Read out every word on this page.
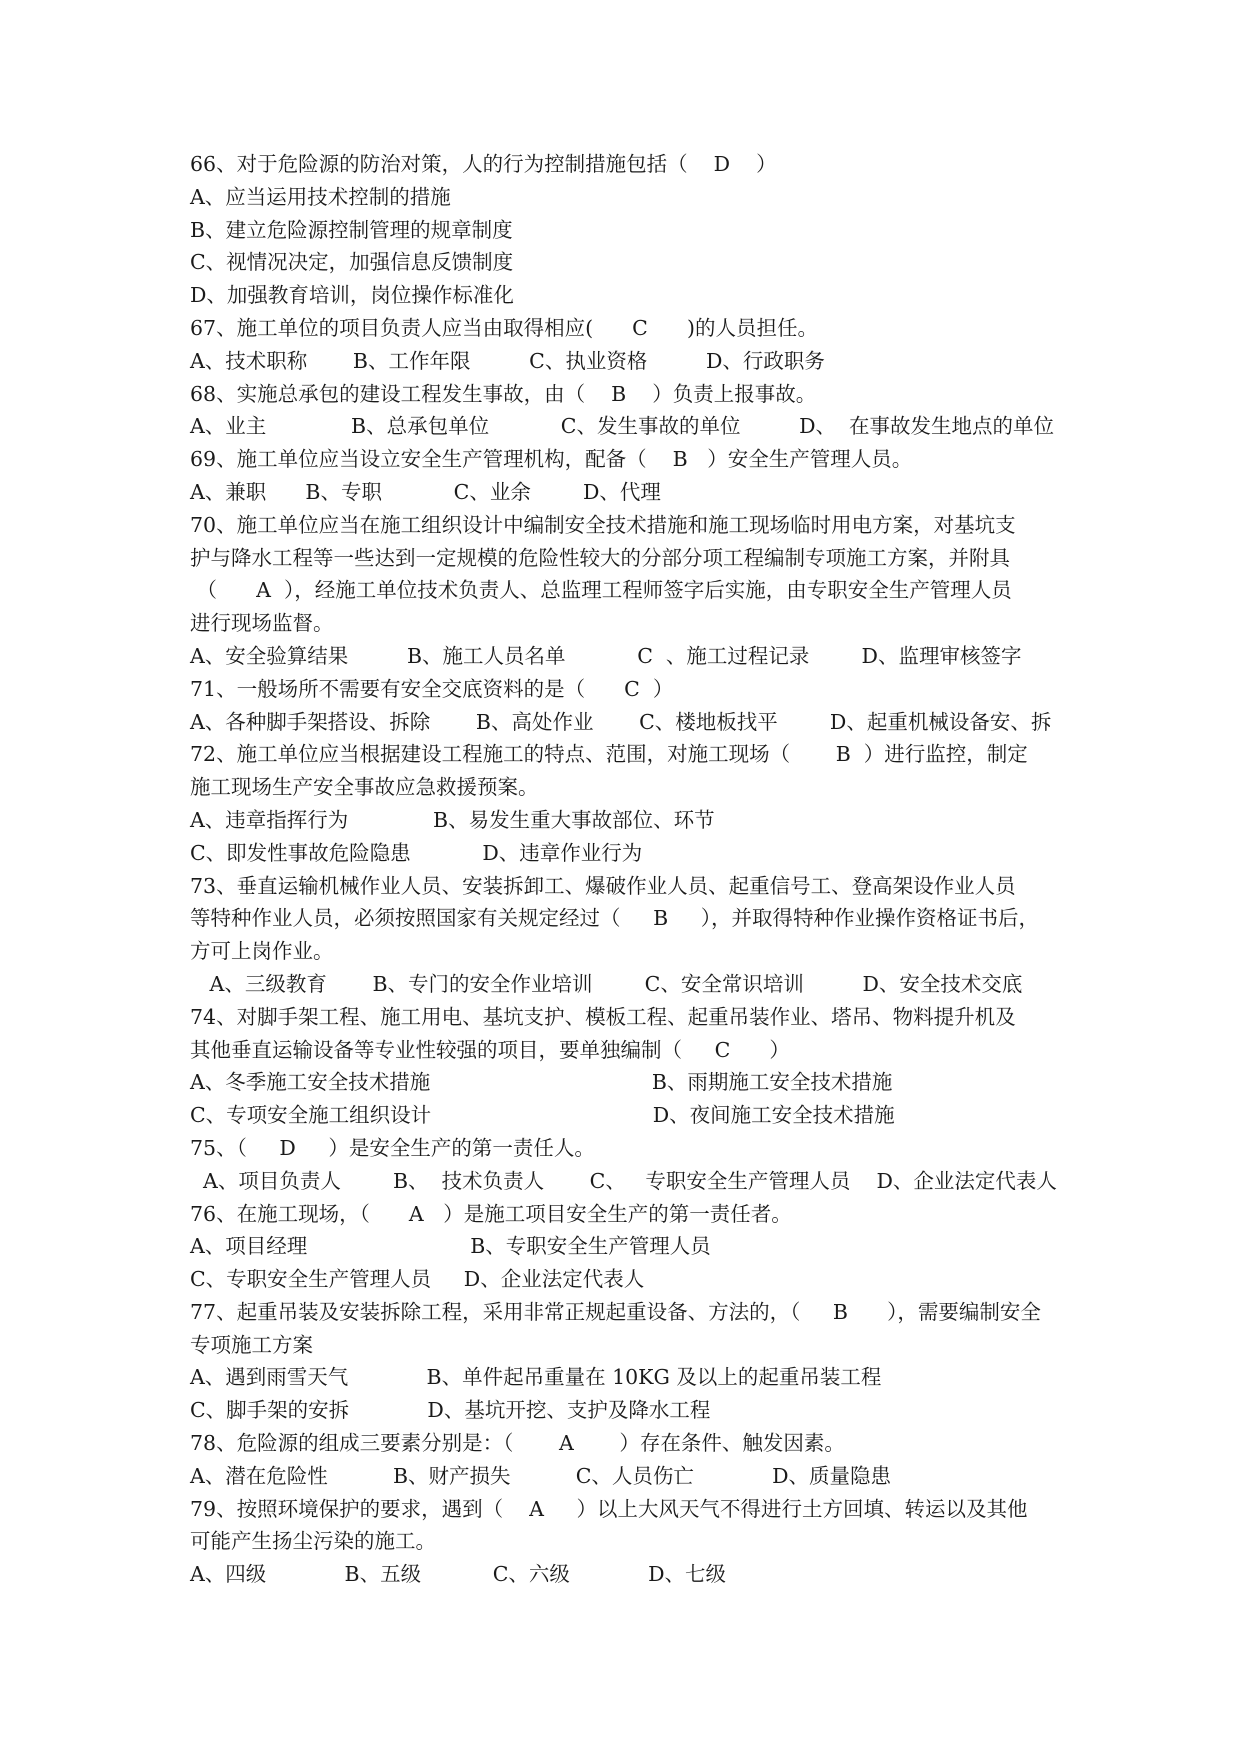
66、对于危险源的防治对策，人的行为控制措施包括（    D    ）
A、应当运用技术控制的措施
B、建立危险源控制管理的规章制度
C、视情况决定，加强信息反馈制度
D、加强教育培训，岗位操作标准化
67、施工单位的项目负责人应当由取得相应(      C      )的人员担任。
A、技术职称       B、工作年限         C、执业资格         D、行政职务
68、实施总承包的建设工程发生事故，由（    B    ）负责上报事故。
A、业主             B、总承包单位           C、发生事故的单位         D、  在事故发生地点的单位
69、施工单位应当设立安全生产管理机构，配备（    B   ）安全生产管理人员。
A、兼职      B、专职           C、业余        D、代理
70、施工单位应当在施工组织设计中编制安全技术措施和施工现场临时用电方案，对基坑支
护与降水工程等一些达到一定规模的危险性较大的分部分项工程编制专项施工方案，并附具
（      A  ），经施工单位技术负责人、总监理工程师签字后实施，由专职安全生产管理人员
进行现场监督。
A、安全验算结果         B、施工人员名单           C  、施工过程记录        D、监理审核签字
71、一般场所不需要有安全交底资料的是（      C  ）
A、各种脚手架搭设、拆除       B、高处作业       C、楼地板找平        D、起重机械设备安、拆
72、施工单位应当根据建设工程施工的特点、范围，对施工现场（       B  ）进行监控，制定
施工现场生产安全事故应急救援预案。
A、违章指挥行为             B、易发生重大事故部位、环节
C、即发性事故危险隐患           D、违章作业行为
73、垂直运输机械作业人员、安装拆卸工、爆破作业人员、起重信号工、登高架设作业人员
等特种作业人员，必须按照国家有关规定经过（     B     ），并取得特种作业操作资格证书后，
方可上岗作业。
A、三级教育       B、专门的安全作业培训        C、安全常识培训         D、安全技术交底
74、对脚手架工程、施工用电、基坑支护、模板工程、起重吊装作业、塔吊、物料提升机及
其他垂直运输设备等专业性较强的项目，要单独编制（     C      ）
A、冬季施工安全技术措施                                  B、雨期施工安全技术措施
C、专项安全施工组织设计                                  D、夜间施工安全技术措施
75、（     D     ）是安全生产的第一责任人。
A、项目负责人        B、  技术负责人       C、   专职安全生产管理人员    D、企业法定代表人
76、在施工现场，（      A   ）是施工项目安全生产的第一责任者。
A、项目经理                         B、专职安全生产管理人员
C、专职安全生产管理人员     D、企业法定代表人
77、起重吊装及安装拆除工程，采用非常正规起重设备、方法的，（     B      ），需要编制安全
专项施工方案
A、遇到雨雪天气            B、单件起吊重量在 10KG 及以上的起重吊装工程
C、脚手架的安拆            D、基坑开挖、支护及降水工程
78、危险源的组成三要素分别是：（       A       ）存在条件、触发因素。
A、潜在危险性          B、财产损失          C、人员伤亡            D、质量隐患
79、按照环境保护的要求，遇到（    A     ）以上大风天气不得进行土方回填、转运以及其他
可能产生扬尘污染的施工。
A、四级            B、五级           C、六级            D、七级
